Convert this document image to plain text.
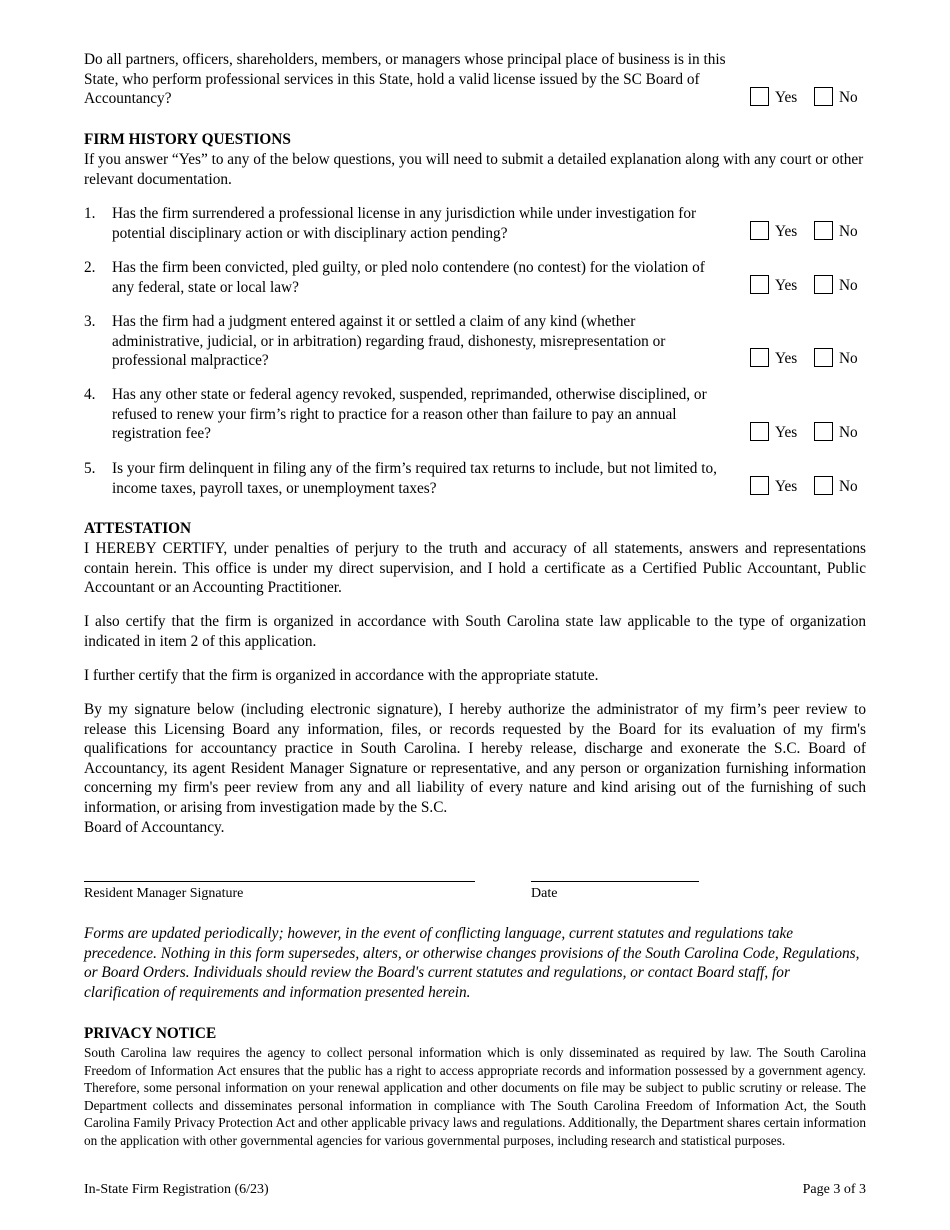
Do all partners, officers, shareholders, members, or managers whose principal place of business is in this State, who perform professional services in this State, hold a valid license issued by the SC Board of Accountancy?	Yes	No
FIRM HISTORY QUESTIONS
If you answer “Yes” to any of the below questions, you will need to submit a detailed explanation along with any court or other relevant documentation.
1. Has the firm surrendered a professional license in any jurisdiction while under investigation for potential disciplinary action or with disciplinary action pending?	Yes	No
2. Has the firm been convicted, pled guilty, or pled nolo contendere (no contest) for the violation of any federal, state or local law?	Yes	No
3. Has the firm had a judgment entered against it or settled a claim of any kind (whether administrative, judicial, or in arbitration) regarding fraud, dishonesty, misrepresentation or professional malpractice?	Yes	No
4. Has any other state or federal agency revoked, suspended, reprimanded, otherwise disciplined, or refused to renew your firm’s right to practice for a reason other than failure to pay an annual registration fee?	Yes	No
5. Is your firm delinquent in filing any of the firm’s required tax returns to include, but not limited to, income taxes, payroll taxes, or unemployment taxes?	Yes	No
ATTESTATION
I HEREBY CERTIFY, under penalties of perjury to the truth and accuracy of all statements, answers and representations contain herein. This office is under my direct supervision, and I hold a certificate as a Certified Public Accountant, Public Accountant or an Accounting Practitioner.
I also certify that the firm is organized in accordance with South Carolina state law applicable to the type of organization indicated in item 2 of this application.
I further certify that the firm is organized in accordance with the appropriate statute.
By my signature below (including electronic signature), I hereby authorize the administrator of my firm’s peer review to release this Licensing Board any information, files, or records requested by the Board for its evaluation of my firm's qualifications for accountancy practice in South Carolina. I hereby release, discharge and exonerate the S.C. Board of Accountancy, its agent Resident Manager Signature or representative, and any person or organization furnishing information concerning my firm's peer review from any and all liability of every nature and kind arising out of the furnishing of such information, or arising from investigation made by the S.C.
Board of Accountancy.
Resident Manager Signature	Date
Forms are updated periodically; however, in the event of conflicting language, current statutes and regulations take precedence. Nothing in this form supersedes, alters, or otherwise changes provisions of the South Carolina Code, Regulations, or Board Orders. Individuals should review the Board's current statutes and regulations, or contact Board staff, for clarification of requirements and information presented herein.
PRIVACY NOTICE
South Carolina law requires the agency to collect personal information which is only disseminated as required by law. The South Carolina Freedom of Information Act ensures that the public has a right to access appropriate records and information possessed by a government agency. Therefore, some personal information on your renewal application and other documents on file may be subject to public scrutiny or release. The Department collects and disseminates personal information in compliance with The South Carolina Freedom of Information Act, the South Carolina Family Privacy Protection Act and other applicable privacy laws and regulations. Additionally, the Department shares certain information on the application with other governmental agencies for various governmental purposes, including research and statistical purposes.
In-State Firm Registration (6/23)	Page 3 of 3
